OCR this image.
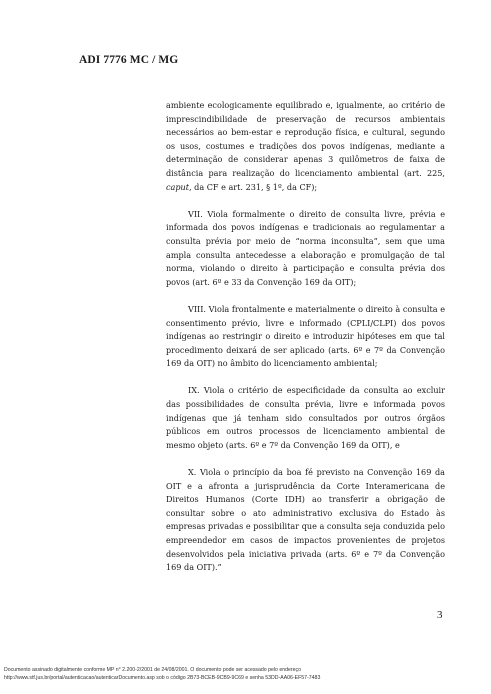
ADI 7776 MC / MG

ambiente ecologicamente equilibrado e, igualmente, ao critério de imprescindibilidade de preservação de recursos ambientais necessários ao bem-estar e reprodução física, e cultural, segundo os usos, costumes e tradições dos povos indígenas, mediante a determinação de considerar apenas 3 quilômetros de faixa de distância para realização do licenciamento ambiental (art. 225, caput, da CF e art. 231, § 1º, da CF);

VII. Viola formalmente o direito de consulta livre, prévia e informada dos povos indígenas e tradicionais ao regulamentar a consulta prévia por meio de “norma inconsulta”, sem que uma ampla consulta antecedesse a elaboração e promulgação de tal norma, violando o direito à participação e consulta prévia dos povos (art. 6º e 33 da Convenção 169 da OIT);

VIII. Viola frontalmente e materialmente o direito à consulta e consentimento prévio, livre e informado (CPLI/CLPI) dos povos indígenas ao restringir o direito e introduzir hipóteses em que tal procedimento deixará de ser aplicado (arts. 6º e 7º da Convenção 169 da OIT) no âmbito do licenciamento ambiental;

IX. Viola o critério de especificidade da consulta ao excluir das possibilidades de consulta prévia, livre e informada povos indígenas que já tenham sido consultados por outros órgãos públicos em outros processos de licenciamento ambiental de mesmo objeto (arts. 6º e 7º da Convenção 169 da OIT), e

X. Viola o princípio da boa fé previsto na Convenção 169 da OIT e a afronta a jurisprudência da Corte Interamericana de Direitos Humanos (Corte IDH) ao transferir a obrigação de consultar sobre o ato administrativo exclusiva do Estado às empresas privadas e possibilitar que a consulta seja conduzida pelo empreendedor em casos de impactos provenientes de projetos desenvolvidos pela iniciativa privada (arts. 6º e 7º da Convenção 169 da OIT).”

3
Documento assinado digitalmente conforme MP n° 2.200-2/2001 de 24/08/2001. O documento pode ser acessado pelo endereço
http://www.stf.jus.br/portal/autenticacao/autenticarDocumento.asp sob o código 2B73-BCEB-9CB9-9C69 e senha 53DD-AA06-EF57-7483
